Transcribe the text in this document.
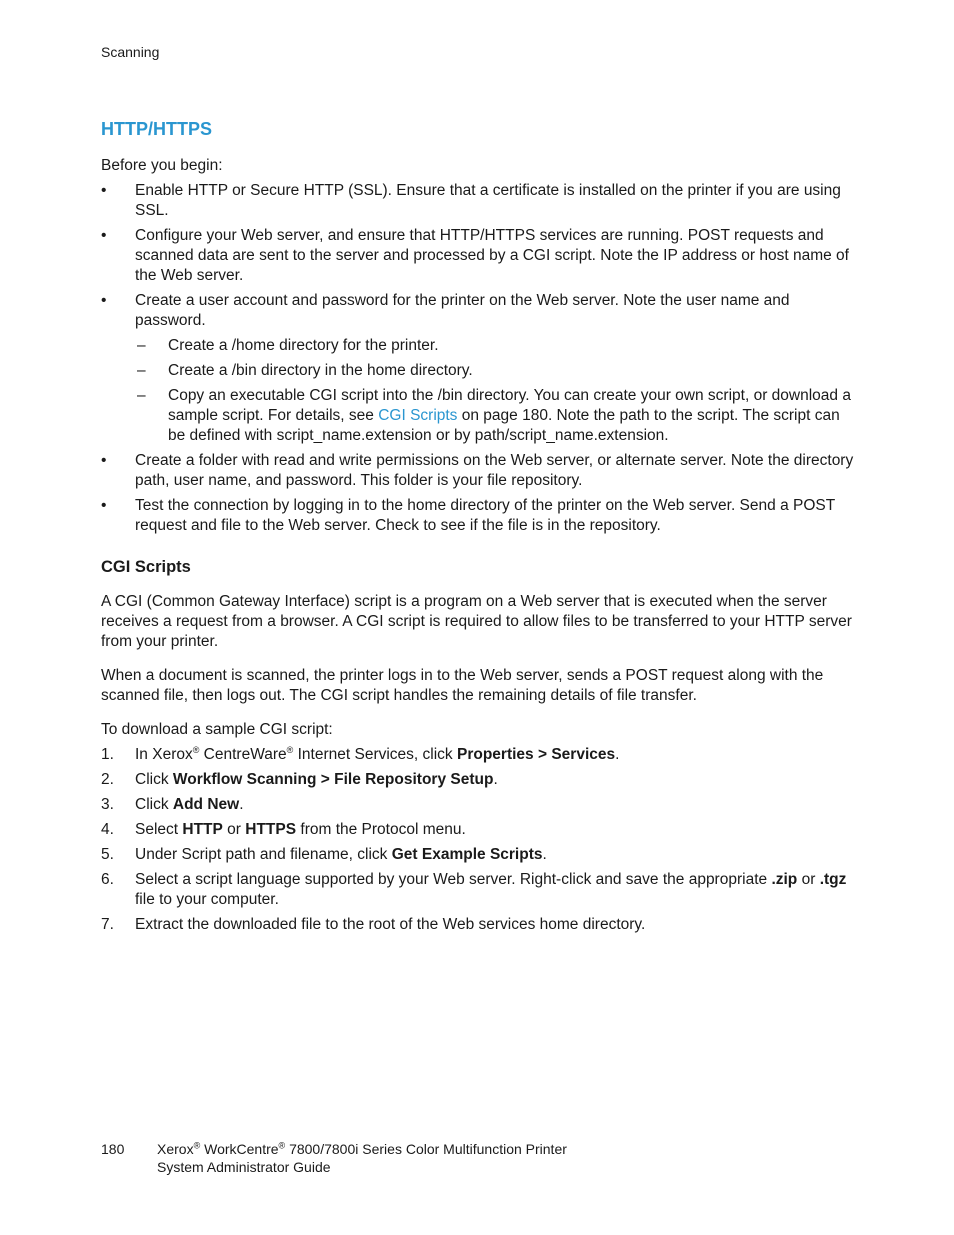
Scanning
HTTP/HTTPS

Before you begin:

• Enable HTTP or Secure HTTP (SSL). Ensure that a certificate is installed on the printer if you are using SSL.
• Configure your Web server, and ensure that HTTP/HTTPS services are running. POST requests and scanned data are sent to the server and processed by a CGI script. Note the IP address or host name of the Web server.
• Create a user account and password for the printer on the Web server. Note the user name and password.
– Create a /home directory for the printer.
– Create a /bin directory in the home directory.
– Copy an executable CGI script into the /bin directory. You can create your own script, or download a sample script. For details, see CGI Scripts on page 180. Note the path to the script. The script can be defined with script_name.extension or by path/script_name.extension.
• Create a folder with read and write permissions on the Web server, or alternate server. Note the directory path, user name, and password. This folder is your file repository.
• Test the connection by logging in to the home directory of the printer on the Web server. Send a POST request and file to the Web server. Check to see if the file is in the repository.
CGI Scripts

A CGI (Common Gateway Interface) script is a program on a Web server that is executed when the server receives a request from a browser. A CGI script is required to allow files to be transferred to your HTTP server from your printer.

When a document is scanned, the printer logs in to the Web server, sends a POST request along with the scanned file, then logs out. The CGI script handles the remaining details of file transfer.

To download a sample CGI script:

1. In Xerox® CentreWare® Internet Services, click Properties > Services.
2. Click Workflow Scanning > File Repository Setup.
3. Click Add New.
4. Select HTTP or HTTPS from the Protocol menu.
5. Under Script path and filename, click Get Example Scripts.
6. Select a script language supported by your Web server. Right-click and save the appropriate .zip or .tgz file to your computer.
7. Extract the downloaded file to the root of the Web services home directory.
180 Xerox® WorkCentre® 7800/7800i Series Color Multifunction Printer
System Administrator Guide
